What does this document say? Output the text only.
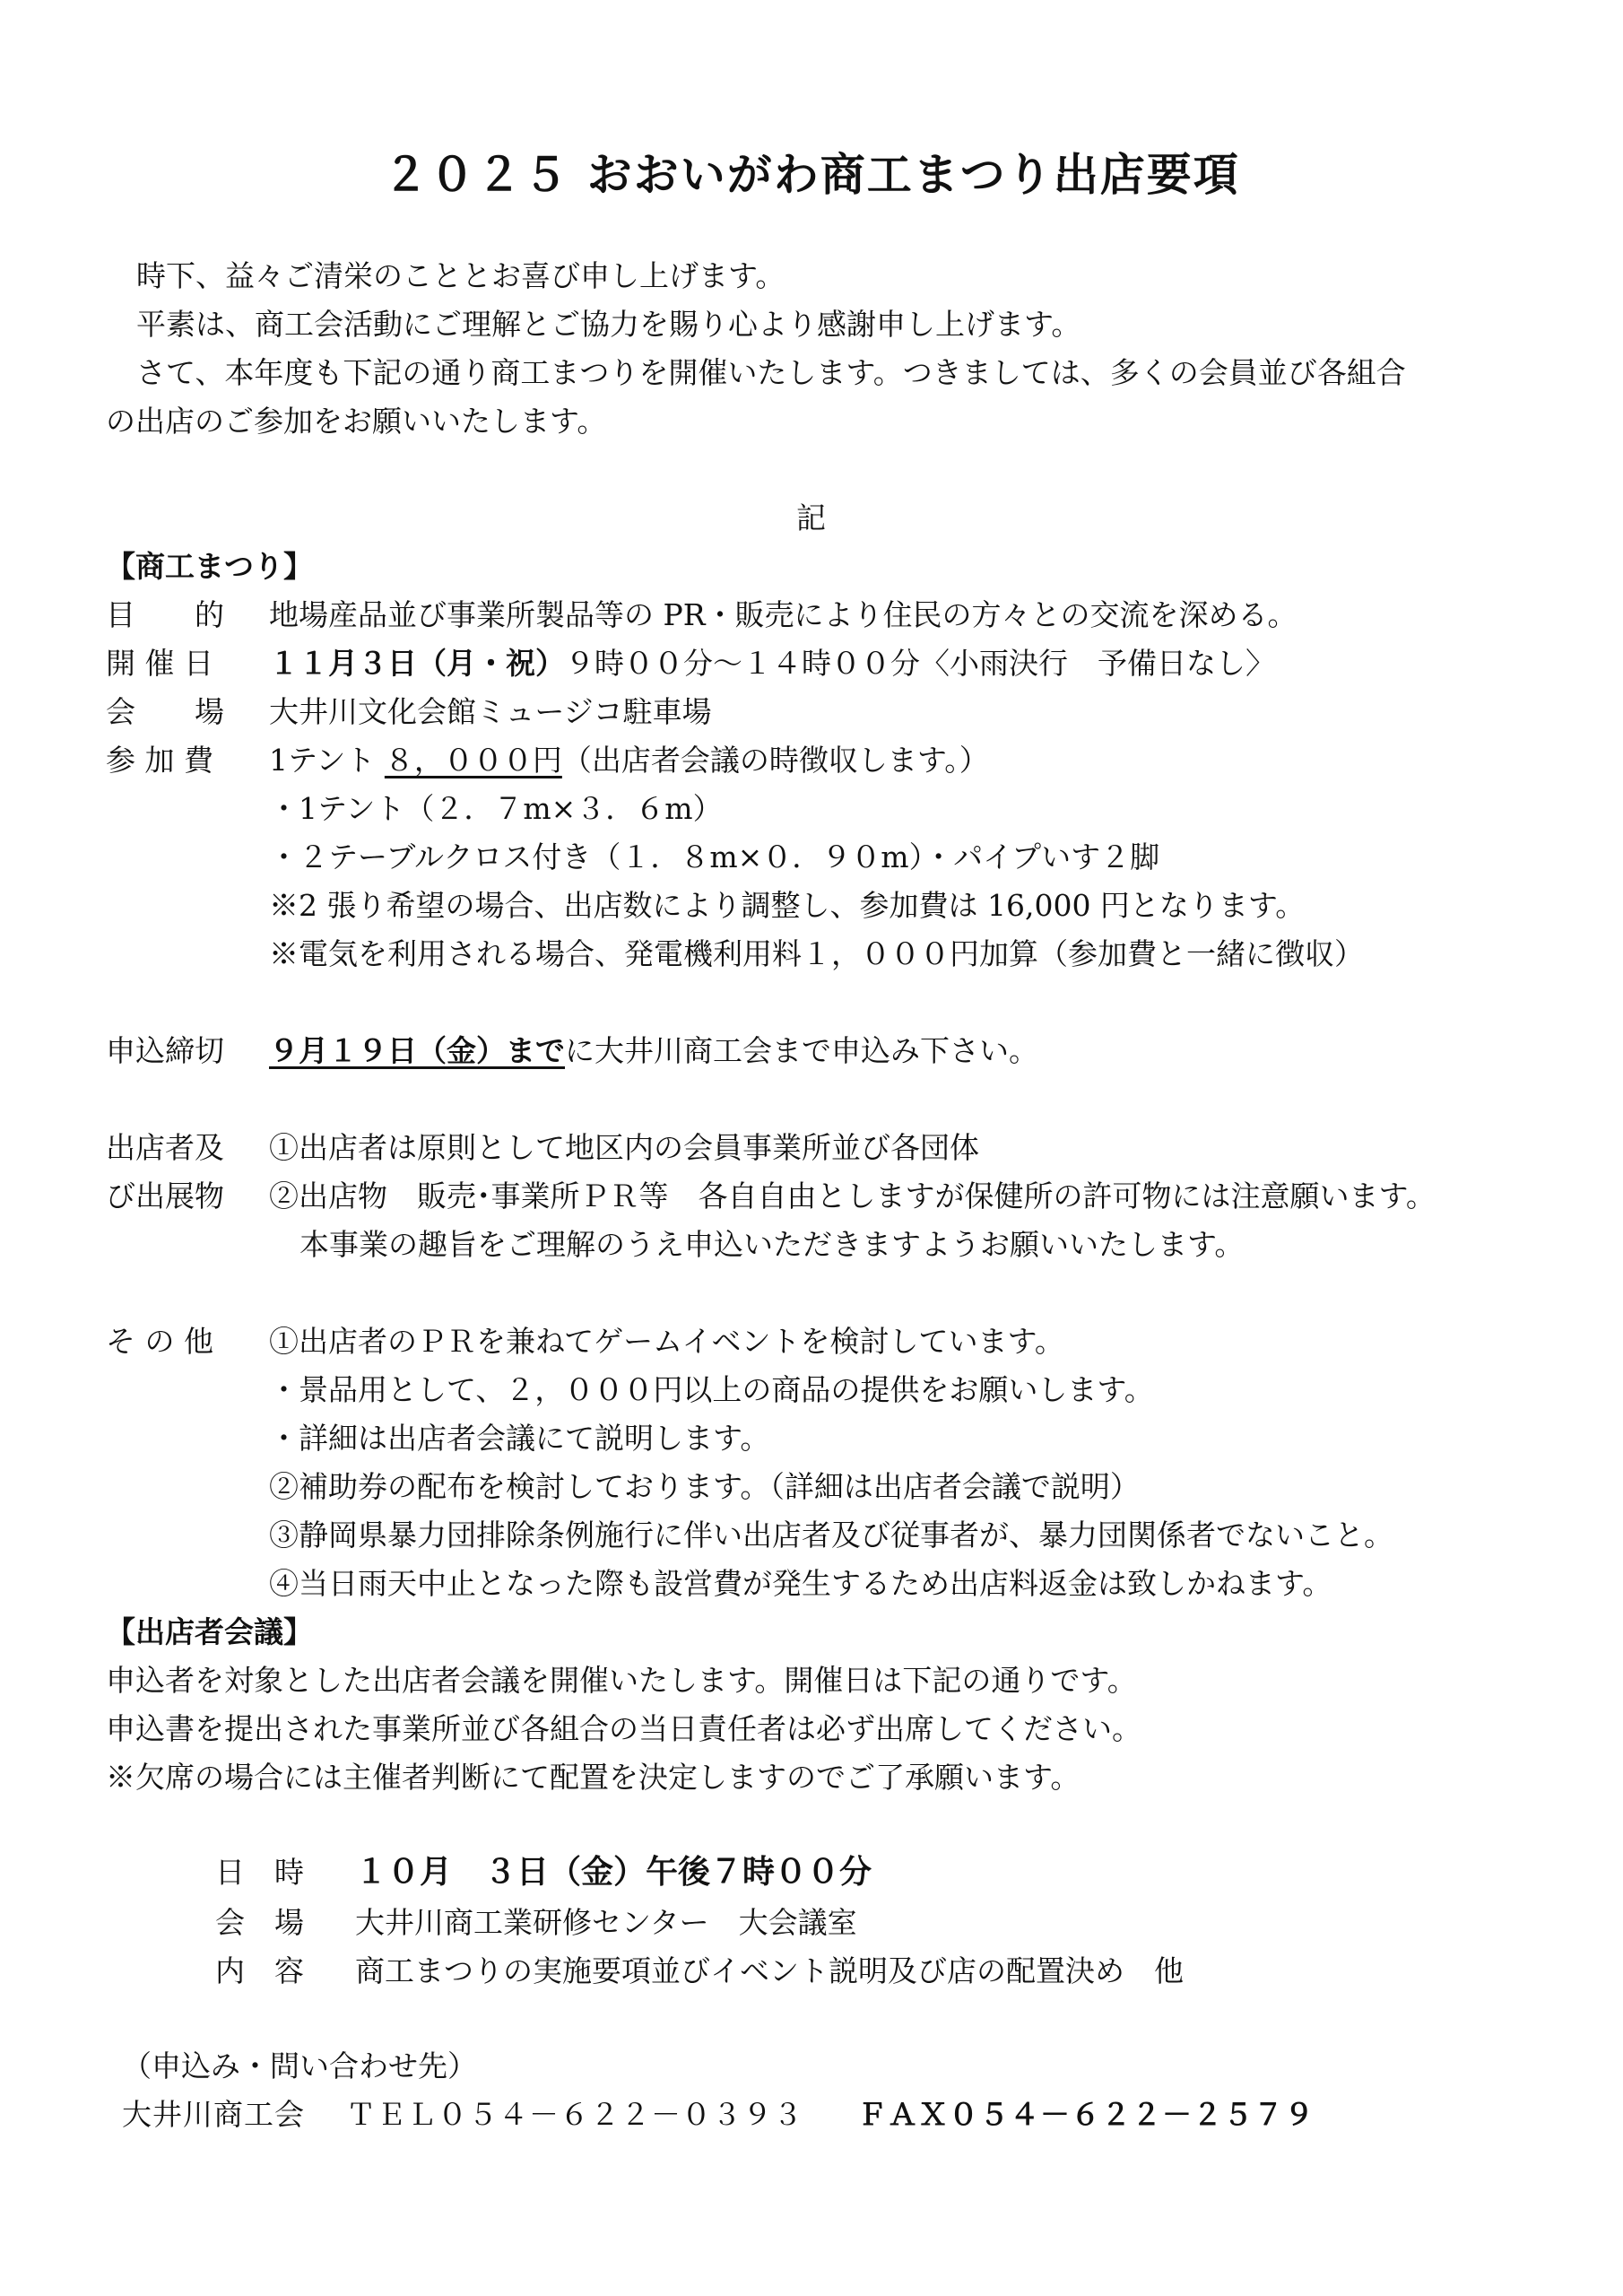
２０２５ おおいがわ商工まつり出店要項
時下、益々ご清栄のこととお喜び申し上げます。
平素は、商工会活動にご理解とご協力を賜り心より感謝申し上げます。
さて、本年度も下記の通り商工まつりを開催いたします。つきましては、多くの会員並び各組合
の出店のご参加をお願いいたします。
記
【商工まつり】
目　　的 地場産品並び事業所製品等の PR・販売により住民の方々との交流を深める。
開 催 日 １１月３日（月・祝）９時００分～１４時００分〈小雨決行　予備日なし〉
会　　場 大井川文化会館ミュージコ駐車場
参 加 費 1テント ８，０００円（出店者会議の時徴収します。）
・1テント（２．７m×３．６m）
・２テーブルクロス付き（１．８m×０．９０m）・パイプいす２脚
※2 張り希望の場合、出店数により調整し、参加費は 16,000 円となります。
※電気を利用される場合、発電機利用料１，０００円加算（参加費と一緒に徴収）
申込締切 ９月１９日（金）までに大井川商工会まで申込み下さい。
出店者及 ①出店者は原則として地区内の会員事業所並び各団体
び出展物 ②出店物　販売･事業所ＰＲ等　各自自由としますが保健所の許可物には注意願います。
本事業の趣旨をご理解のうえ申込いただきますようお願いいたします。
そ の 他 ①出店者のＰＲを兼ねてゲームイベントを検討しています。
・景品用として、２，０００円以上の商品の提供をお願いします。
・詳細は出店者会議にて説明します。
②補助券の配布を検討しております。（詳細は出店者会議で説明）
③静岡県暴力団排除条例施行に伴い出店者及び従事者が、暴力団関係者でないこと。
④当日雨天中止となった際も設営費が発生するため出店料返金は致しかねます。
【出店者会議】
申込者を対象とした出店者会議を開催いたします。開催日は下記の通りです。
申込書を提出された事業所並び各組合の当日責任者は必ず出席してください。
※欠席の場合には主催者判断にて配置を決定しますのでご了承願います。
日　時 １０月　３日（金）午後７時００分
会　場 大井川商工業研修センター　大会議室
内　容 商工まつりの実施要項並びイベント説明及び店の配置決め　他
（申込み・問い合わせ先）
大井川商工会 ＴＥＬ０５４－６２２－０３９３ ＦＡＸ０５４－６２２－２５７９
